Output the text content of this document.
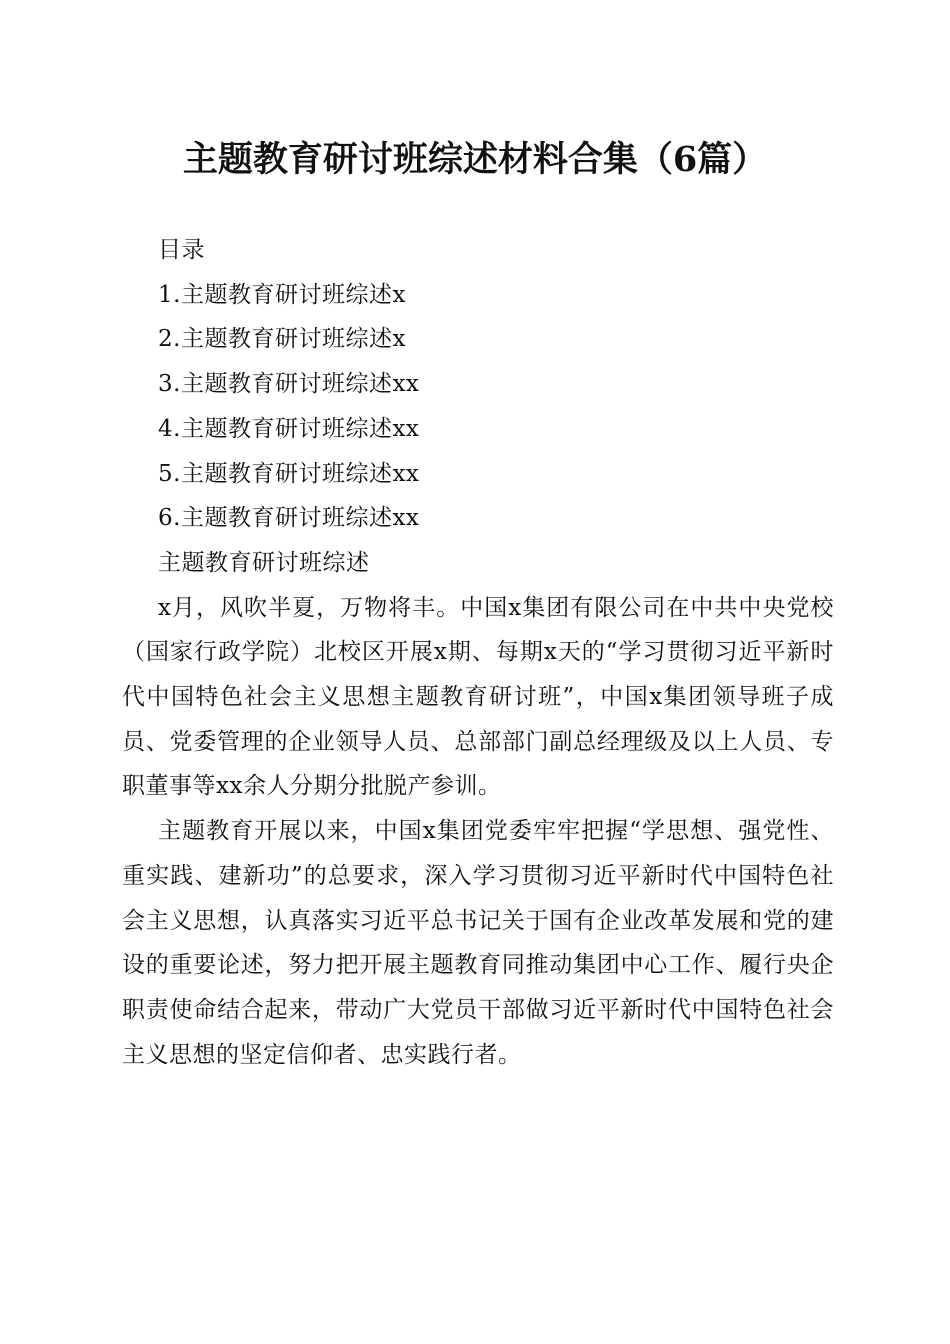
主题教育研讨班综述材料合集（6篇）
目录
1.主题教育研讨班综述x
2.主题教育研讨班综述x
3.主题教育研讨班综述xx
4.主题教育研讨班综述xx
5.主题教育研讨班综述xx
6.主题教育研讨班综述xx
主题教育研讨班综述

x月，风吹半夏，万物将丰。中国x集团有限公司在中共中央党校（国家行政学院）北校区开展x期、每期x天的“学习贯彻习近平新时代中国特色社会主义思想主题教育研讨班”，中国x集团领导班子成员、党委管理的企业领导人员、总部部门副总经理级及以上人员、专职董事等xx余人分期分批脱产参训。

主题教育开展以来，中国x集团党委牢牢把握“学思想、强党性、重实践、建新功”的总要求，深入学习贯彻习近平新时代中国特色社会主义思想，认真落实习近平总书记关于国有企业改革发展和党的建设的重要论述，努力把开展主题教育同推动集团中心工作、履行央企职责使命结合起来，带动广大党员干部做习近平新时代中国特色社会主义思想的坚定信仰者、忠实践行者。
